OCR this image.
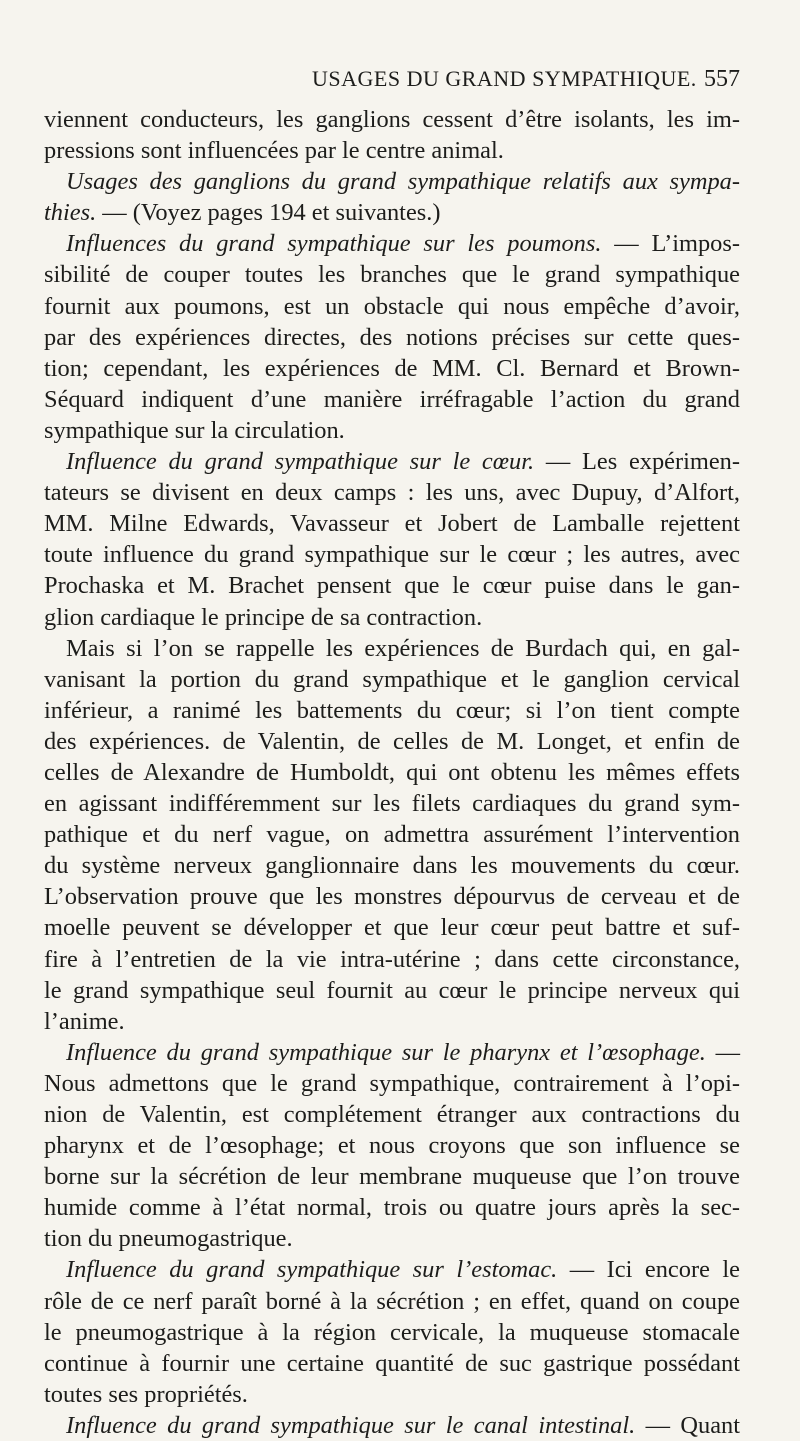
USAGES DU GRAND SYMPATHIQUE. 557
viennent conducteurs, les ganglions cessent d’être isolants, les im-
pressions sont influencées par le centre animal.
Usages des ganglions du grand sympathique relatifs aux sympa-
thies. — (Voyez pages 194 et suivantes.)
Influences du grand sympathique sur les poumons. — L’impos-
sibilité de couper toutes les branches que le grand sympathique
fournit aux poumons, est un obstacle qui nous empêche d’avoir,
par des expériences directes, des notions précises sur cette ques-
tion; cependant, les expériences de MM. Cl. Bernard et Brown-
Séquard indiquent d’une manière irréfragable l’action du grand
sympathique sur la circulation.
Influence du grand sympathique sur le cœur. — Les expérimen-
tateurs se divisent en deux camps : les uns, avec Dupuy, d’Alfort,
MM. Milne Edwards, Vavasseur et Jobert de Lamballe rejettent
toute influence du grand sympathique sur le cœur ; les autres, avec
Prochaska et M. Brachet pensent que le cœur puise dans le gan-
glion cardiaque le principe de sa contraction.
Mais si l’on se rappelle les expériences de Burdach qui, en gal-
vanisant la portion du grand sympathique et le ganglion cervical
inférieur, a ranimé les battements du cœur; si l’on tient compte
des expériences. de Valentin, de celles de M. Longet, et enfin de
celles de Alexandre de Humboldt, qui ont obtenu les mêmes effets
en agissant indifféremment sur les filets cardiaques du grand sym-
pathique et du nerf vague, on admettra assurément l’intervention
du système nerveux ganglionnaire dans les mouvements du cœur.
L’observation prouve que les monstres dépourvus de cerveau et de
moelle peuvent se développer et que leur cœur peut battre et suf-
fire à l’entretien de la vie intra-utérine ; dans cette circonstance,
le grand sympathique seul fournit au cœur le principe nerveux qui
l’anime.
Influence du grand sympathique sur le pharynx et l’œsophage. —
Nous admettons que le grand sympathique, contrairement à l’opi-
nion de Valentin, est complétement étranger aux contractions du
pharynx et de l’œsophage; et nous croyons que son influence se
borne sur la sécrétion de leur membrane muqueuse que l’on trouve
humide comme à l’état normal, trois ou quatre jours après la sec-
tion du pneumogastrique.
Influence du grand sympathique sur l’estomac. — Ici encore le
rôle de ce nerf paraît borné à la sécrétion ; en effet, quand on coupe
le pneumogastrique à la région cervicale, la muqueuse stomacale
continue à fournir une certaine quantité de suc gastrique possédant
toutes ses propriétés.
Influence du grand sympathique sur le canal intestinal. — Quant
